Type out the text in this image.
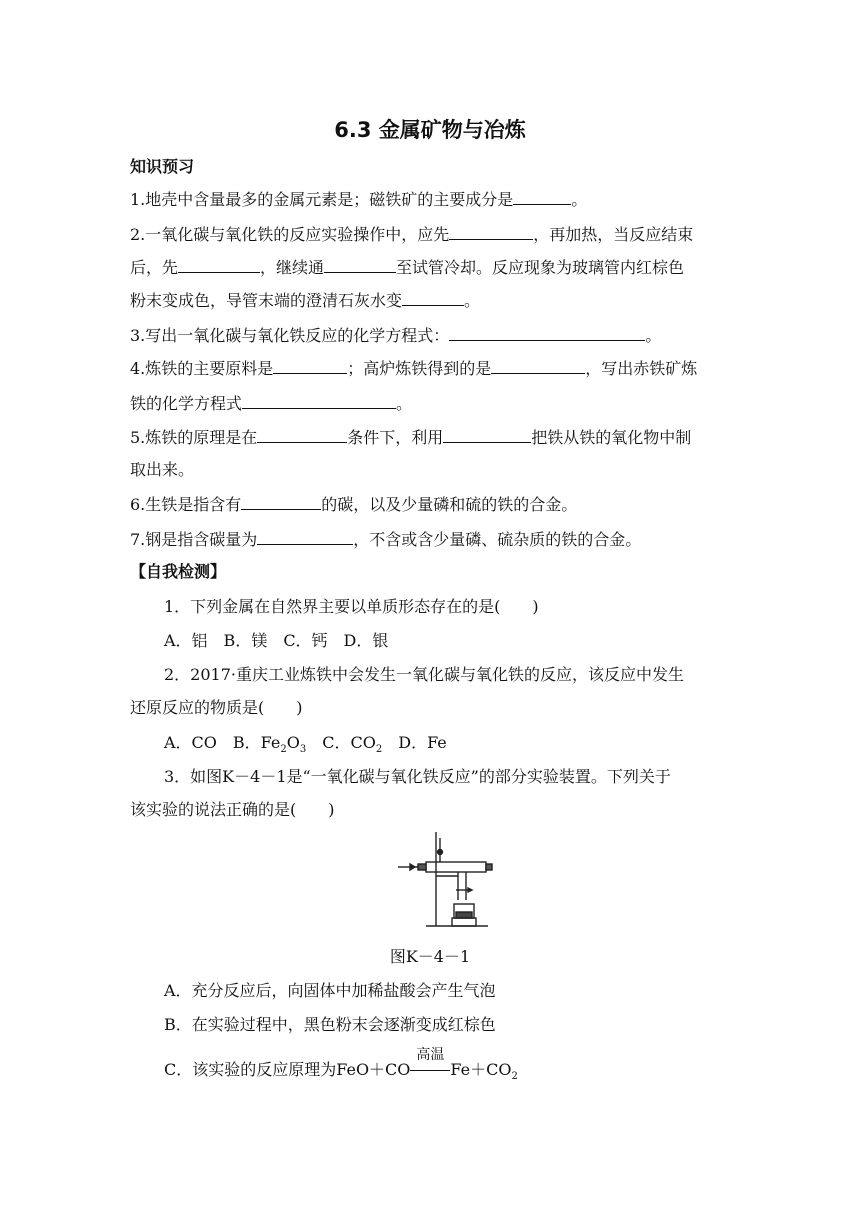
6.3 金属矿物与冶炼
知识预习
1.地壳中含量最多的金属元素是；磁铁矿的主要成分是	。
2.一氧化碳与氧化铁的反应实验操作中，应先	，再加热，当反应结束
后，先	，继续通	至试管冷却。反应现象为玻璃管内红棕色
粉末变成色，导管末端的澄清石灰水变	。
3.写出一氧化碳与氧化铁反应的化学方程式：	。
4.炼铁的主要原料是	；高炉炼铁得到的是	，写出赤铁矿炼
铁的化学方程式	。
5.炼铁的原理是在	条件下，利用	把铁从铁的氧化物中制
取出来。
6.生铁是指含有	的碳，以及少量磷和硫的铁的合金。
7.钢是指含碳量为	，不含或含少量磷、硫杂质的铁的合金。
【自我检测】
1．下列金属在自然界主要以单质形态存在的是(　　)
A．铝　B．镁　C．钙　D．银
2．2017·重庆工业炼铁中会发生一氧化碳与氧化铁的反应，该反应中发生
还原反应的物质是(　　)
A．CO　B．$Fe_2O_3$　C．$CO_2$　D．Fe
3．如图K－4－1是“一氧化碳与氧化铁反应”的部分实验装置。下列关于
该实验的说法正确的是(　　)
图K－4－1
A．充分反应后，向固体中加稀盐酸会产生气泡
B．在实验过程中，黑色粉末会逐渐变成红棕色
C．该实验的反应原理为FeO＋CO
高温
$Fe+CO_2$
